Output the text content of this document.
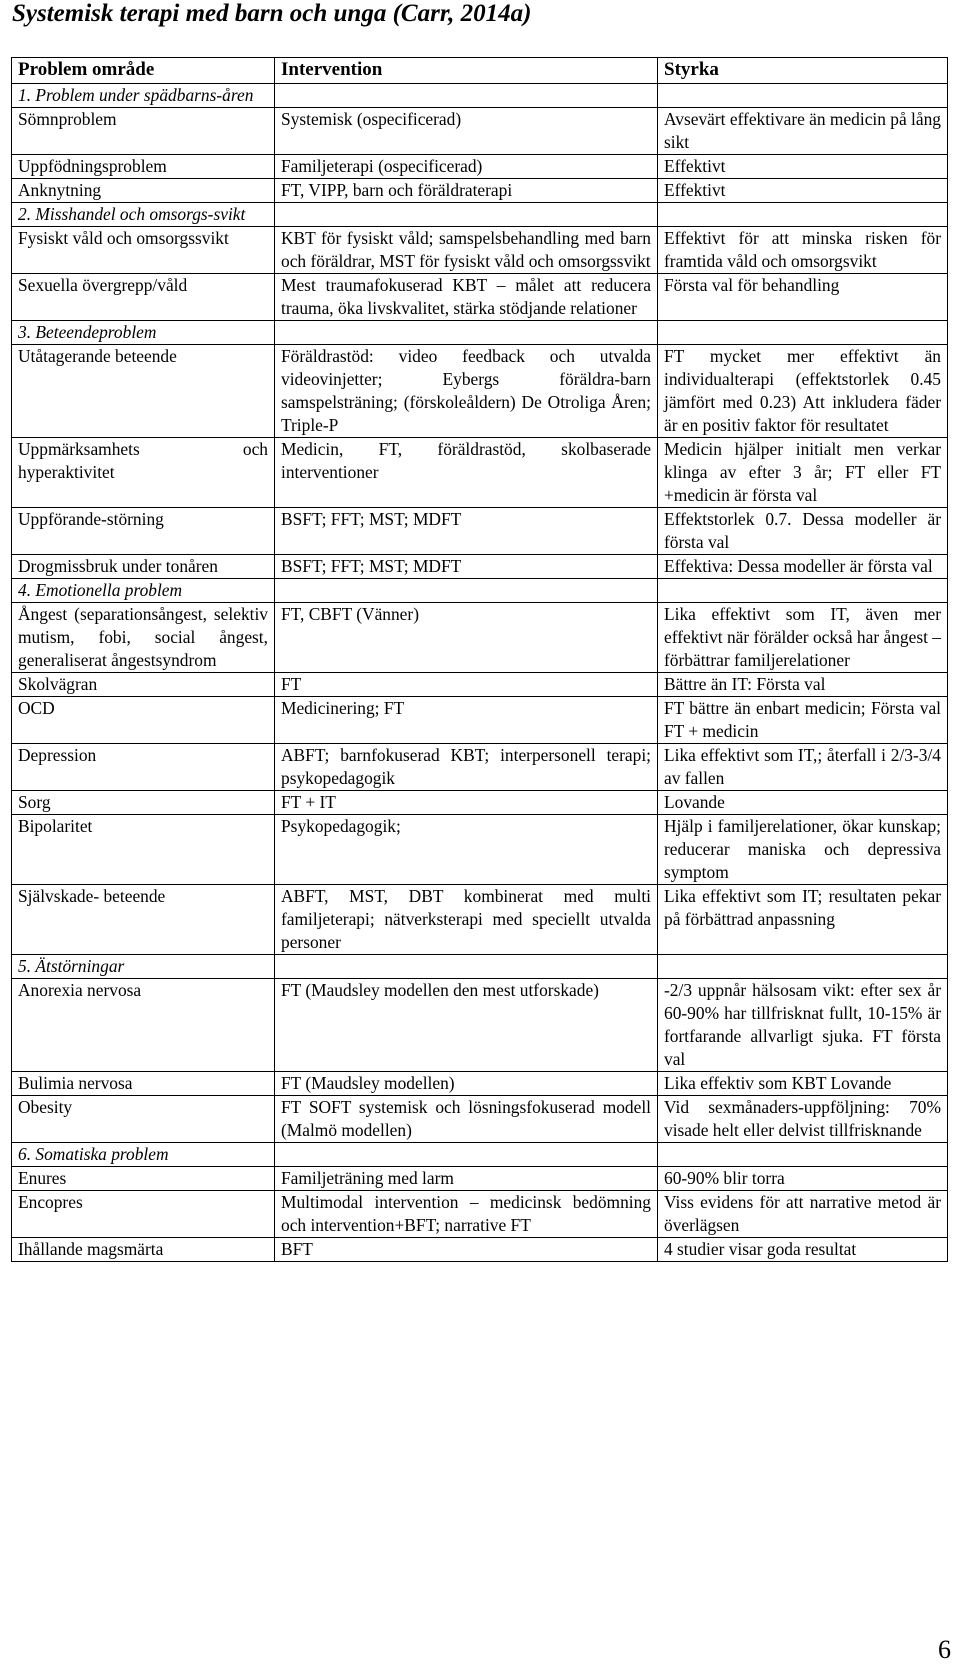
Systemisk terapi med barn och unga (Carr, 2014a)
Problem område	Intervention	Styrka
1. Problem under spädbarns-åren		
Sömnproblem	Systemisk (ospecificerad)	Avsevärt effektivare än medicin på lång sikt
Uppfödningsproblem	Familjeterapi (ospecificerad)	Effektivt
Anknytning	FT, VIPP, barn och föräldraterapi	Effektivt
2. Misshandel och omsorgs-svikt		
Fysiskt våld och omsorgssvikt	KBT för fysiskt våld; samspelsbehandling med barn och föräldrar, MST för fysiskt våld och omsorgssvikt	Effektivt för att minska risken för framtida våld och omsorgsvikt
Sexuella övergrepp/våld	Mest traumafokuserad KBT – målet att reducera trauma, öka livskvalitet, stärka stödjande relationer	Första val för behandling
3. Beteendeproblem		
Utåtagerande beteende	Föräldrastöd: video feedback och utvalda videovinjetter; Eybergs föräldra-barn samspelsträning; (förskoleåldern) De Otroliga Åren; Triple-P	FT mycket mer effektivt än individualterapi (effektstorlek 0.45 jämfört med 0.23) Att inkludera fäder är en positiv faktor för resultatet
Uppmärksamhets och hyperaktivitet	Medicin, FT, föräldrastöd, skolbaserade interventioner	Medicin hjälper initialt men verkar klinga av efter 3 år; FT eller FT +medicin är första val
Uppförande-störning	BSFT; FFT; MST; MDFT	Effektstorlek 0.7. Dessa modeller är första val
Drogmissbruk under tonåren	BSFT; FFT; MST; MDFT	Effektiva: Dessa modeller är första val
4. Emotionella problem		
Ångest (separationsångest, selektiv mutism, fobi, social ångest, generaliserat ångestsyndrom	FT, CBFT (Vänner)	Lika effektivt som IT, även mer effektivt när förälder också har ångest – förbättrar familjerelationer
Skolvägran	FT	Bättre än IT: Första val
OCD	Medicinering; FT	FT bättre än enbart medicin; Första val FT + medicin
Depression	ABFT; barnfokuserad KBT; interpersonell terapi; psykopedagogik	Lika effektivt som IT,; återfall i 2/3-3/4 av fallen
Sorg	FT + IT	Lovande
Bipolaritet	Psykopedagogik;	Hjälp i familjerelationer, ökar kunskap; reducerar maniska och depressiva symptom
Självskade- beteende	ABFT, MST, DBT kombinerat med multi familjeterapi; nätverksterapi med speciellt utvalda personer	Lika effektivt som IT; resultaten pekar på förbättrad anpassning
5. Ätstörningar		
Anorexia nervosa	FT (Maudsley modellen den mest utforskade)	-2/3 uppnår hälsosam vikt: efter sex år 60-90% har tillfrisknat fullt, 10-15% är fortfarande allvarligt sjuka. FT första val
Bulimia nervosa	FT (Maudsley modellen)	Lika effektiv som KBT Lovande
Obesity	FT SOFT systemisk och lösningsfokuserad modell (Malmö modellen)	Vid sexmånaders-uppföljning: 70% visade helt eller delvist tillfrisknande
6. Somatiska problem		
Enures	Familjeträning med larm	60-90% blir torra
Encopres	Multimodal intervention – medicinsk bedömning och intervention+BFT; narrative FT	Viss evidens för att narrative metod är överlägsen
Ihållande magsmärta	BFT	4 studier visar goda resultat
6
